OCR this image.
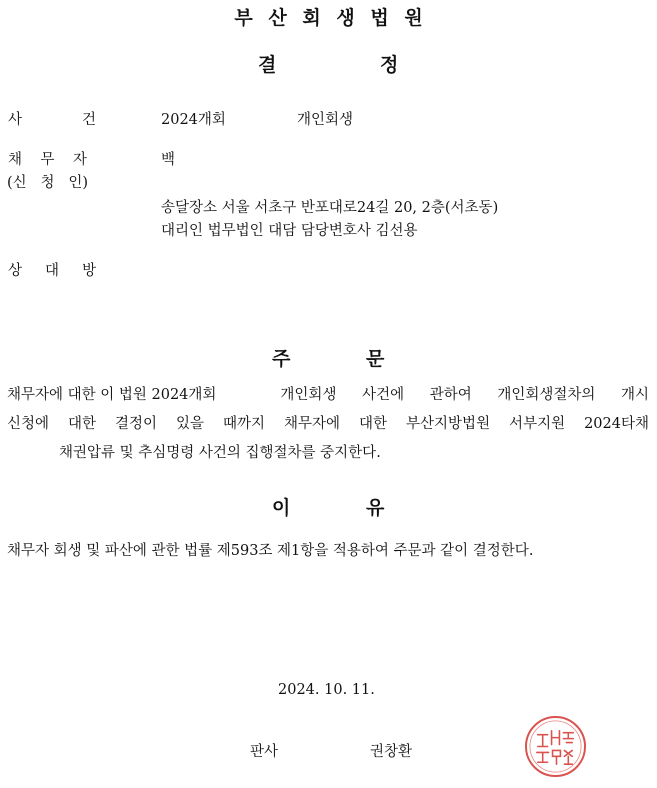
부 산 회 생 법 원
결	정
사	건	2024개회	개인회생
채    무    자	백
(신   청   인)
송달장소 서울 서초구 반포대로24길 20, 2층(서초동)
대리인 법무법인 대담 담당변호사 김선용
상     대     방
주	문
채무자에 대한 이 법원 2024개회	개인회생 사건에 관하여 개인회생절차의 개시
신청에 대한 결정이 있을 때까지 채무자에 대한 부산지방법원 서부지원 2024타채
채권압류 및 추심명령 사건의 집행절차를 중지한다.
이	유
채무자 회생 및 파산에 관한 법률 제593조 제1항을 적용하여 주문과 같이 결정한다.
2024. 10. 11.
판사	권창환
